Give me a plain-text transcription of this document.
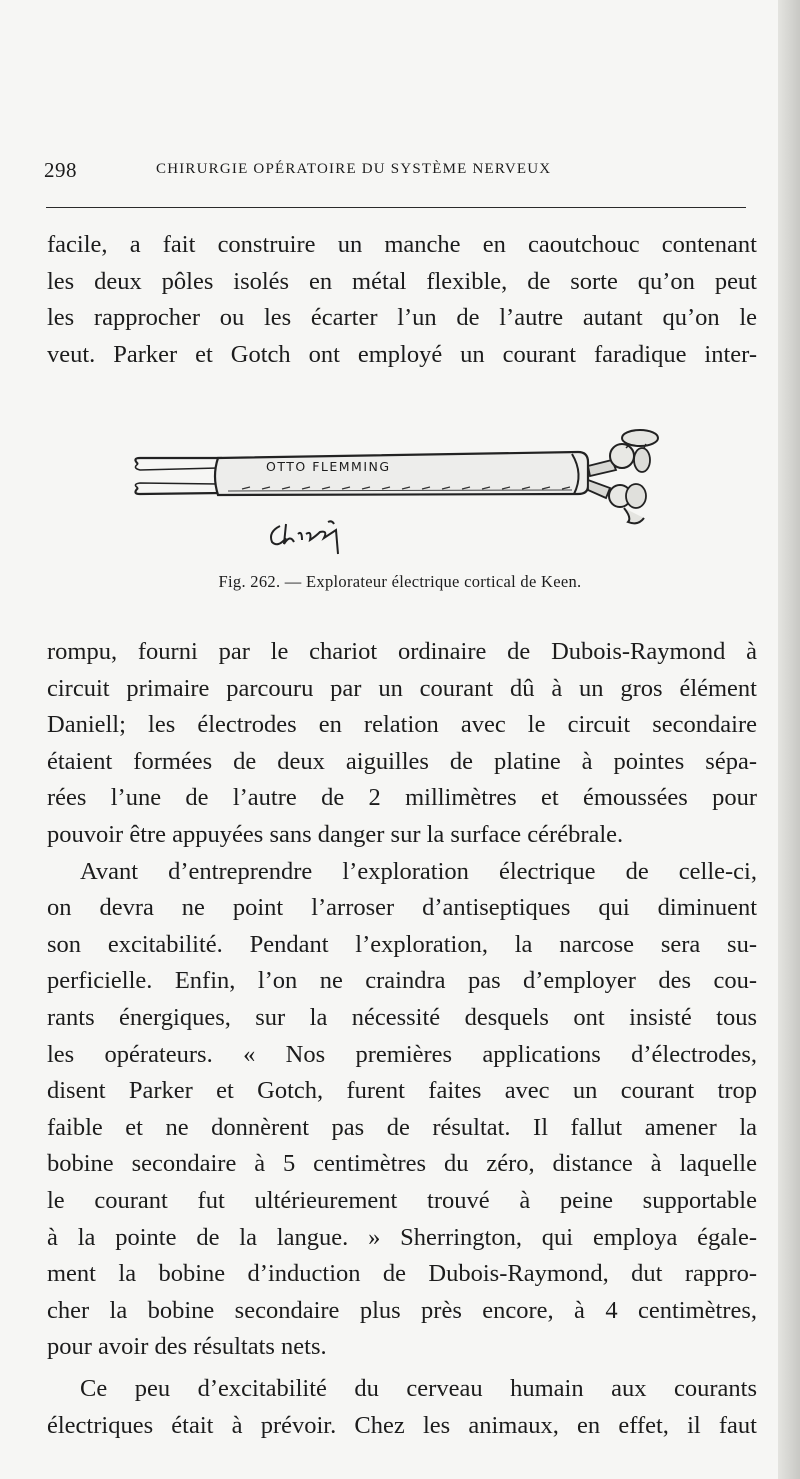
298	CHIRURGIE OPÉRATOIRE DU SYSTÈME NERVEUX
facile, a fait construire un manche en caoutchouc contenant
les deux pôles isolés en métal flexible, de sorte qu’on peut
les rapprocher ou les écarter l’un de l’autre autant qu’on le
veut. Parker et Gotch ont employé un courant faradique inter-
OTTO FLEMMING
Fig. 262. — Explorateur électrique cortical de Keen.
rompu, fourni par le chariot ordinaire de Dubois-Raymond à
circuit primaire parcouru par un courant dû à un gros élément
Daniell; les électrodes en relation avec le circuit secondaire
étaient formées de deux aiguilles de platine à pointes sépa-
rées l’une de l’autre de 2 millimètres et émoussées pour
pouvoir être appuyées sans danger sur la surface cérébrale.
Avant d’entreprendre l’exploration électrique de celle-ci,
on devra ne point l’arroser d’antiseptiques qui diminuent
son excitabilité. Pendant l’exploration, la narcose sera su-
perficielle. Enfin, l’on ne craindra pas d’employer des cou-
rants énergiques, sur la nécessité desquels ont insisté tous
les opérateurs. « Nos premières applications d’électrodes,
disent Parker et Gotch, furent faites avec un courant trop
faible et ne donnèrent pas de résultat. Il fallut amener la
bobine secondaire à 5 centimètres du zéro, distance à laquelle
le courant fut ultérieurement trouvé à peine supportable
à la pointe de la langue. » Sherrington, qui employa égale-
ment la bobine d’induction de Dubois-Raymond, dut rappro-
cher la bobine secondaire plus près encore, à 4 centimètres,
pour avoir des résultats nets.
Ce peu d’excitabilité du cerveau humain aux courants
électriques était à prévoir. Chez les animaux, en effet, il faut
